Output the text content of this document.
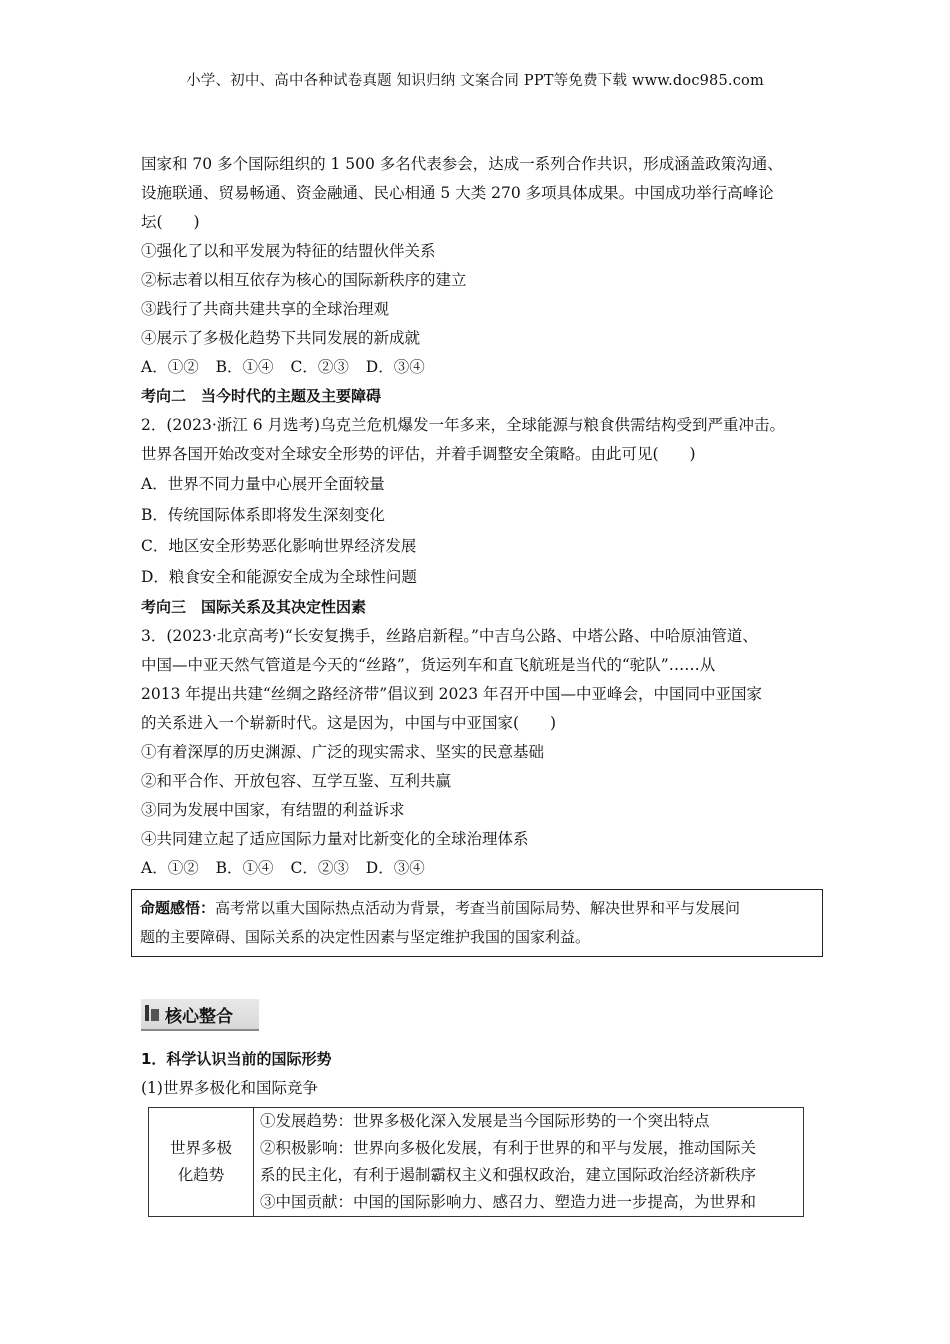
小学、初中、高中各种试卷真题 知识归纳 文案合同 PPT等免费下载 www.doc985.com
国家和 70 多个国际组织的 1 500 多名代表参会，达成一系列合作共识，形成涵盖政策沟通、
设施联通、贸易畅通、资金融通、民心相通 5 大类 270 多项具体成果。中国成功举行高峰论
坛(　　)
①强化了以和平发展为特征的结盟伙伴关系
②标志着以相互依存为核心的国际新秩序的建立
③践行了共商共建共享的全球治理观
④展示了多极化趋势下共同发展的新成就
A．①② B．①④ C．②③ D．③④
考向二　当今时代的主题及主要障碍
2．(2023·浙江 6 月选考)乌克兰危机爆发一年多来，全球能源与粮食供需结构受到严重冲击。
世界各国开始改变对全球安全形势的评估，并着手调整安全策略。由此可见(　　)
A．世界不同力量中心展开全面较量
B．传统国际体系即将发生深刻变化
C．地区安全形势恶化影响世界经济发展
D．粮食安全和能源安全成为全球性问题
考向三　国际关系及其决定性因素
3．(2023·北京高考)“长安复携手，丝路启新程。”中吉乌公路、中塔公路、中哈原油管道、
中国—中亚天然气管道是今天的“丝路”，货运列车和直飞航班是当代的“驼队”……从
2013 年提出共建“丝绸之路经济带”倡议到 2023 年召开中国—中亚峰会，中国同中亚国家
的关系进入一个崭新时代。这是因为，中国与中亚国家(　　)
①有着深厚的历史渊源、广泛的现实需求、坚实的民意基础
②和平合作、开放包容、互学互鉴、互利共赢
③同为发展中国家，有结盟的利益诉求
④共同建立起了适应国际力量对比新变化的全球治理体系
A．①② B．①④ C．②③ D．③④
命题感悟：高考常以重大国际热点活动为背景，考查当前国际局势、解决世界和平与发展问
题的主要障碍、国际关系的决定性因素与坚定维护我国的国家利益。
核心整合
1．科学认识当前的国际形势
(1)世界多极化和国际竞争
世界多极
化趋势

①发展趋势：世界多极化深入发展是当今国际形势的一个突出特点
②积极影响：世界向多极化发展，有利于世界的和平与发展，推动国际关
系的民主化，有利于遏制霸权主义和强权政治，建立国际政治经济新秩序
③中国贡献：中国的国际影响力、感召力、塑造力进一步提高，为世界和
